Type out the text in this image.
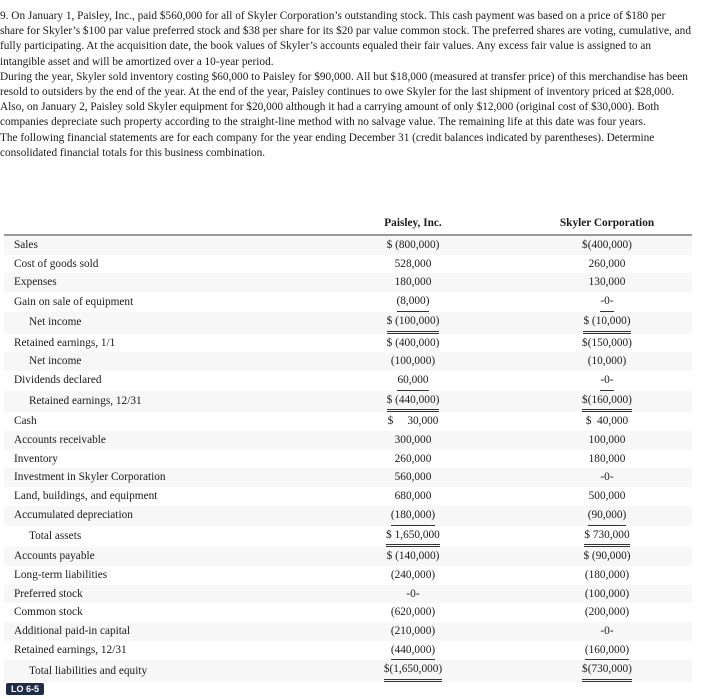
9. On January 1, Paisley, Inc., paid $560,000 for all of Skyler Corporation’s outstanding stock. This cash payment was based on a price of $180 per share for Skyler’s $100 par value preferred stock and $38 per share for its $20 par value common stock. The preferred shares are voting, cumulative, and fully participating. At the acquisition date, the book values of Skyler’s accounts equaled their fair values. Any excess fair value is assigned to an intangible asset and will be amortized over a 10-year period.

During the year, Skyler sold inventory costing $60,000 to Paisley for $90,000. All but $18,000 (measured at transfer price) of this merchandise has been resold to outsiders by the end of the year. At the end of the year, Paisley continues to owe Skyler for the last shipment of inventory priced at $28,000.

Also, on January 2, Paisley sold Skyler equipment for $20,000 although it had a carrying amount of only $12,000 (original cost of $30,000). Both companies depreciate such property according to the straight-line method with no salvage value. The remaining life at this date was four years.

The following financial statements are for each company for the year ending December 31 (credit balances indicated by parentheses). Determine consolidated financial totals for this business combination.

	Paisley, Inc.	Skyler Corporation
Sales	$ (800,000)	$(400,000)
Cost of goods sold	528,000	260,000
Expenses	180,000	130,000
Gain on sale of equipment	(8,000)	-0-
Net income	$ (100,000)	$ (10,000)
Retained earnings, 1/1	$ (400,000)	$(150,000)
Net income	(100,000)	(10,000)
Dividends declared	60,000	-0-
Retained earnings, 12/31	$ (440,000)	$(160,000)
Cash	$     30,000	$  40,000
Accounts receivable	300,000	100,000
Inventory	260,000	180,000
Investment in Skyler Corporation	560,000	-0-
Land, buildings, and equipment	680,000	500,000
Accumulated depreciation	(180,000)	(90,000)
Total assets	$ 1,650,000	$ 730,000
Accounts payable	$ (140,000)	$ (90,000)
Long-term liabilities	(240,000)	(180,000)
Preferred stock	-0-	(100,000)
Common stock	(620,000)	(200,000)
Additional paid-in capital	(210,000)	-0-
Retained earnings, 12/31	(440,000)	(160,000)
Total liabilities and equity	$(1,650,000)	$(730,000)
LO 6-5
